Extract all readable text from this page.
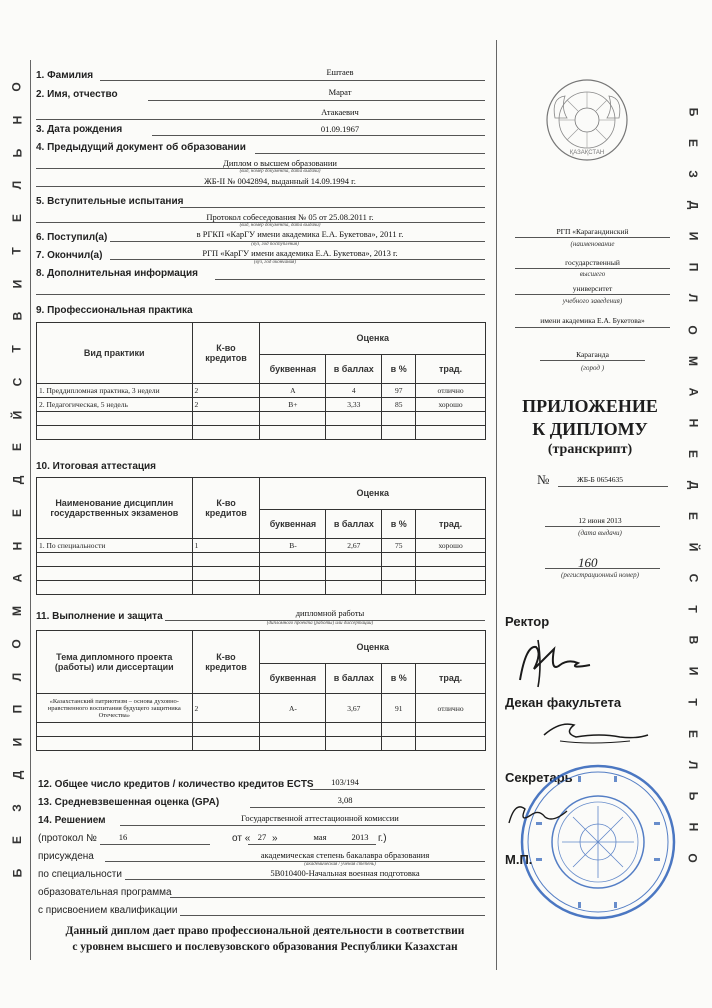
Б
Е
З
Д
И
П
Л
О
М
А
Н
Е
Д
Е
Й
С
Т
В
И
Т
Е
Л
Ь
Н
О
Б
Е
З
Д
И
П
Л
О
М
А
Н
Е
Д
Е
Й
С
Т
В
И
Т
Е
Л
Ь
Н
О
1. Фамилия	Ештаев
2. Имя, отчество	Марат
Атакаевич
3. Дата рождения	01.09.1967
4. Предыдущий документ об образовании
Диплом о высшем образовании
(вид, номер документа, дата выдачи)
ЖБ-II № 0042894, выданный 14.09.1994 г.
5. Вступительные испытания
Протокол собеседования № 05 от 25.08.2011 г.
(вид, номер документа, дата выдачи)
6. Поступил(а)	в РГКП «КарГУ имени академика Е.А. Букетова», 2011 г.
(вуз, год поступления)
7. Окончил(а)	РГП «КарГУ имени академика Е.А. Букетова», 2013 г.
(вуз, год окончания)
8. Дополнительная информация
9. Профессиональная практика
Вид практики	К-во кредитов	Оценка			
		буквенная	в баллах	в %	трад.
1. Преддипломная практика, 3 недели	2	A	4	97	отлично
2. Педагогическая, 5 недель	2	B+	3,33	85	хорошо

10. Итоговая аттестация
Наименование дисциплин государственных экзаменов	К-во кредитов	Оценка			
		буквенная	в баллах	в %	трад.
1. По специальности	1	B-	2,67	75	хорошо

11. Выполнение и защита	дипломной работы
(дипломного проекта (работы) или диссертации)
Тема дипломного проекта (работы) или диссертации	К-во кредитов	Оценка			
		буквенная	в баллах	в %	трад.
«Казахстанский патриотизм – основа духовно-нравственного воспитания будущего защитника Отечества»	2	A-	3,67	91	отлично

12. Общее число кредитов / количество кредитов ECTS	103/194
13. Средневзвешенная оценка (GPA)	3,08
14. Решением	Государственной аттестационной комиссии
(протокол №	16	от « 27 »	мая	2013 г.)
присуждена	академическая степень бакалавра образования
(академическая / ученая степень)
по специальности	5В010400-Начальная военная подготовка
образовательная программа
с присвоением квалификации
Данный диплом дает право профессиональной деятельности в соответствии
с уровнем высшего и послевузовского образования Республики Казахстан
ҚАЗАҚСТАН
РГП «Карагандинский
(наименование
государственный
высшего
университет
учебного заведения)
имени академика Е.А. Букетова»
Караганда
(город )
ПРИЛОЖЕНИЕ
К ДИПЛОМУ
(транскрипт)
№	ЖБ-Б 0654635
12 июня 2013
(дата выдачи)
160
(регистрационный номер)
Ректор
Декан факультета
Секретарь
М.П.
